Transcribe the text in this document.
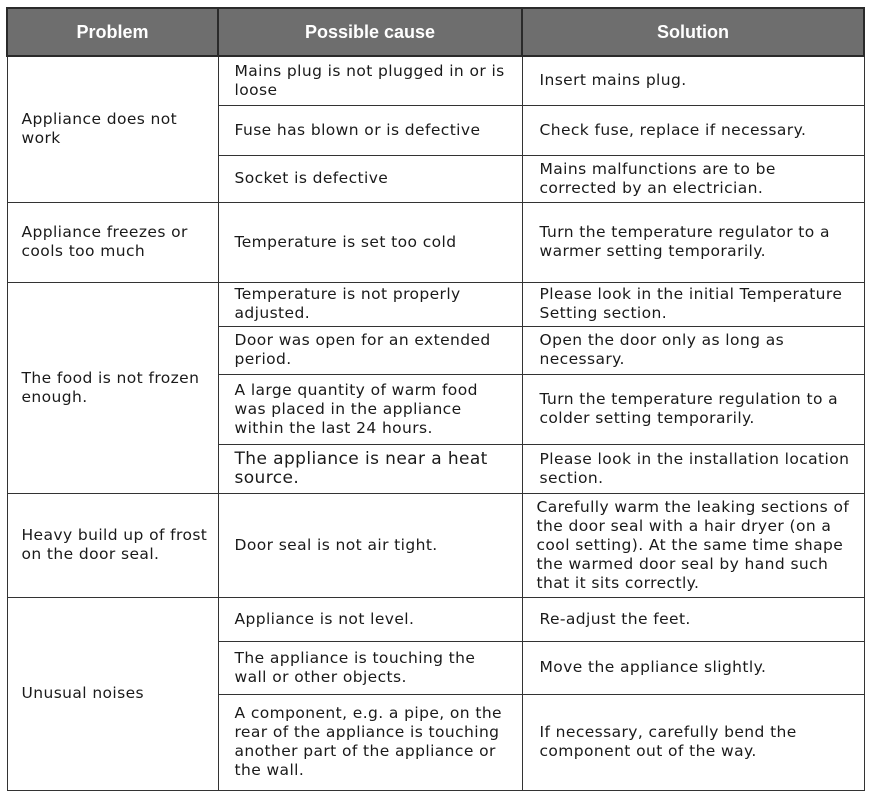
Problem	Possible cause	Solution
Appliance does not work	Mains plug is not plugged in or is loose	Insert mains plug.
	Fuse has blown or is defective	Check fuse, replace if necessary.
	Socket is defective	Mains malfunctions are to be corrected by an electrician.
Appliance freezes or cools too much	Temperature is set too cold	Turn the temperature regulator to a warmer setting temporarily.
The food is not frozen enough.	Temperature is not properly adjusted.	Please look in the initial Temperature Setting section.
	Door was open for an extended period.	Open the door only as long as necessary.
	A large quantity of warm food was placed in the appliance within the last 24 hours.	Turn the temperature regulation to a colder setting temporarily.
	The appliance is near a heat source.	Please look in the installation location section.
Heavy build up of frost on the door seal.	Door seal is not air tight.	Carefully warm the leaking sections of the door seal with a hair dryer (on a cool setting). At the same time shape the warmed door seal by hand such that it sits correctly.
Unusual noises	Appliance is not level.	Re-adjust the feet.
	The appliance is touching the wall or other objects.	Move the appliance slightly.
	A component, e.g. a pipe, on the rear of the appliance is touching another part of the appliance or the wall.	If necessary, carefully bend the component out of the way.
